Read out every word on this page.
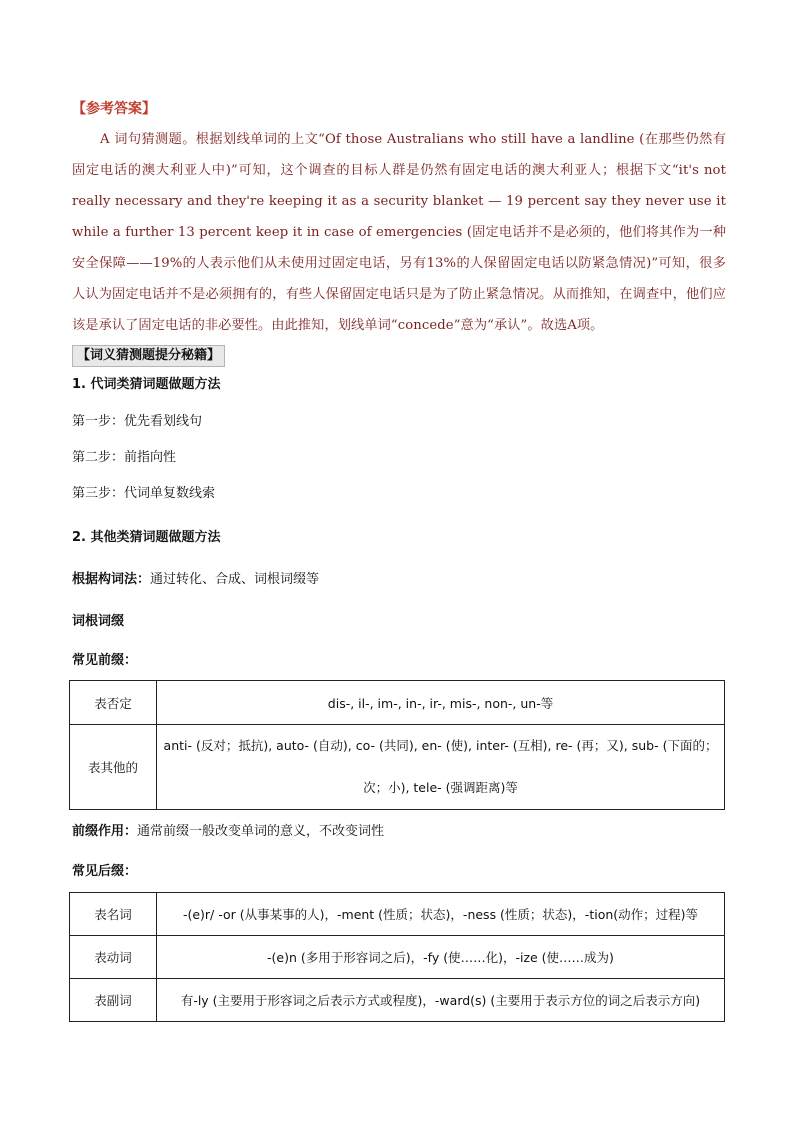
【参考答案】

A 词句猜测题。根据划线单词的上文“Of those Australians who still have a landline (在那些仍然有固定电话的澳大利亚人中)”可知，这个调查的目标人群是仍然有固定电话的澳大利亚人；根据下文“it's not really necessary and they're keeping it as a security blanket — 19 percent say they never use it while a further 13 percent keep it in case of emergencies (固定电话并不是必须的，他们将其作为一种安全保障——19%的人表示他们从未使用过固定电话，另有13%的人保留固定电话以防紧急情况)”可知，很多人认为固定电话并不是必须拥有的，有些人保留固定电话只是为了防止紧急情况。从而推知，在调查中，他们应该是承认了固定电话的非必要性。由此推知，划线单词“concede”意为“承认”。故选A项。

【词义猜测题提分秘籍】

1. 代词类猜词题做题方法

第一步：优先看划线句

第二步：前指向性

第三步：代词单复数线索

2. 其他类猜词题做题方法

根据构词法：通过转化、合成、词根词缀等

词根词缀

常见前缀：

表否定	dis-, il-, im-, in-, ir-, mis-, non-, un-等
表其他的	anti- (反对；抵抗), auto- (自动), co- (共同), en- (使), inter- (互相), re- (再；又), sub- (下面的；次；小), tele- (强调距离)等

前缀作用：通常前缀一般改变单词的意义，不改变词性

常见后缀：

表名词	-(e)r/ -or (从事某事的人)，-ment (性质；状态)，-ness (性质；状态)，-tion(动作；过程)等
表动词	-(e)n (多用于形容词之后)，-fy (使……化)，-ize (使……成为)
表副词	有-ly (主要用于形容词之后表示方式或程度)，-ward(s) (主要用于表示方位的词之后表示方向)
